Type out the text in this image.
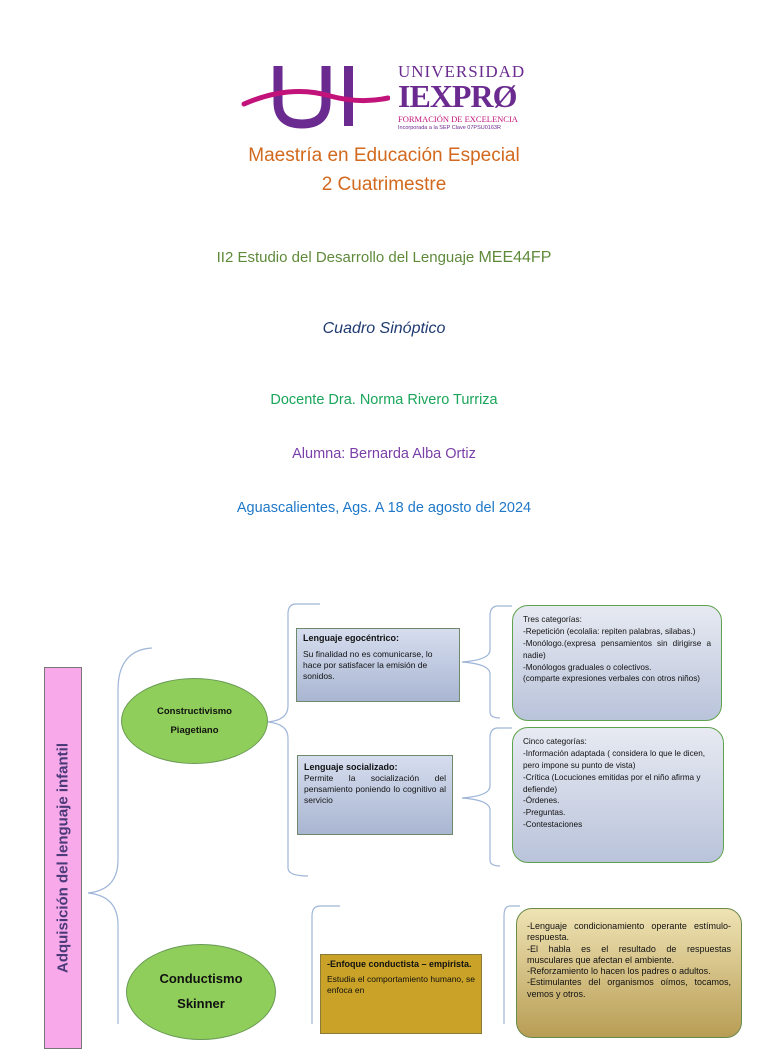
UNIVERSIDAD
IEXPRØ
FORMACIÓN DE EXCELENCIA
Incorporada a la SEP Clave 07PSU0163R
Maestría en Educación Especial
2 Cuatrimestre
II2 Estudio del Desarrollo del Lenguaje MEE44FP
Cuadro Sinóptico
Docente Dra. Norma Rivero Turriza
Alumna: Bernarda Alba Ortiz
Aguascalientes, Ags. A 18 de agosto del 2024
Adquisición del lenguaje infantil
Constructivismo
Piagetiano
Lenguaje egocéntrico:
Su finalidad no es comunicarse, lo hace por satisfacer la emisión de sonidos.
Tres categorías:
-Repetición (ecolalia: repiten palabras, silabas.)
-Monólogo.(expresa pensamientos sin dirigirse a nadie)
-Monólogos graduales o colectivos.
(comparte expresiones verbales con otros niños)
Lenguaje socializado:
Permite la socialización del pensamiento poniendo lo cognitivo al servicio
Cinco categorías:
-Información adaptada ( considera lo que le dicen, pero impone su punto de vista)
-Crítica (Locuciones emitidas por el niño afirma y defiende)
-Órdenes.
-Preguntas.
-Contestaciones
Conductismo
Skinner
-Enfoque conductista – empirista.
Estudia el comportamiento humano, se enfoca en
-Lenguaje condicionamiento operante estímulo-respuesta.
-El habla es el resultado de respuestas musculares que afectan el ambiente.
-Reforzamiento lo hacen los padres o adultos.
-Estimulantes del organismos oímos, tocamos, vemos y otros.
